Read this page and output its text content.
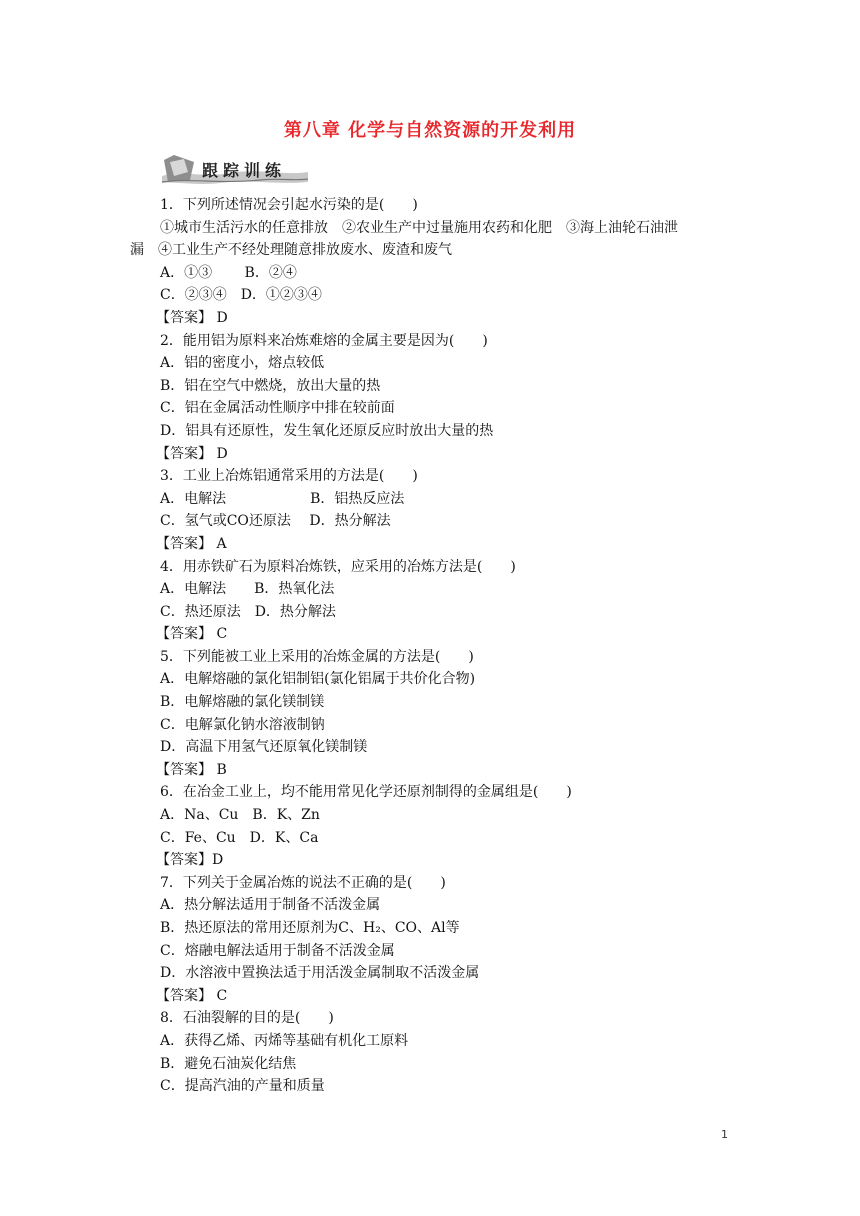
第八章 化学与自然资源的开发利用
跟踪训练
1．下列所述情况会引起水污染的是(　　)
①城市生活污水的任意排放　②农业生产中过量施用农药和化肥　③海上油轮石油泄
漏　④工业生产不经处理随意排放废水、废渣和废气
A．①③　　 B．②④
C．②③④　D．①②③④
【答案】 D
2．能用铝为原料来冶炼难熔的金属主要是因为(　　)
A．铝的密度小，熔点较低
B．铝在空气中燃烧，放出大量的热
C．铝在金属活动性顺序中排在较前面
D．铝具有还原性，发生氧化还原反应时放出大量的热
【答案】 D
3．工业上冶炼铝通常采用的方法是(　　)
A．电解法　　　　　　B．铝热反应法
C．氢气或CO还原法　 D．热分解法
【答案】 A
4．用赤铁矿石为原料冶炼铁，应采用的冶炼方法是(　　)
A．电解法　　B．热氧化法
C．热还原法　D．热分解法
【答案】 C
5．下列能被工业上采用的冶炼金属的方法是(　　)
A．电解熔融的氯化铝制铝(氯化铝属于共价化合物)
B．电解熔融的氯化镁制镁
C．电解氯化钠水溶液制钠
D．高温下用氢气还原氧化镁制镁
【答案】 B
6．在冶金工业上，均不能用常见化学还原剂制得的金属组是(　　)
A．Na、Cu　B．K、Zn
C．Fe、Cu　D．K、Ca
【答案】D
7．下列关于金属冶炼的说法不正确的是(　　)
A．热分解法适用于制备不活泼金属
B．热还原法的常用还原剂为C、H₂、CO、Al等
C．熔融电解法适用于制备不活泼金属
D．水溶液中置换法适于用活泼金属制取不活泼金属
【答案】 C
8．石油裂解的目的是(　　)
A．获得乙烯、丙烯等基础有机化工原料
B．避免石油炭化结焦
C．提高汽油的产量和质量
1
